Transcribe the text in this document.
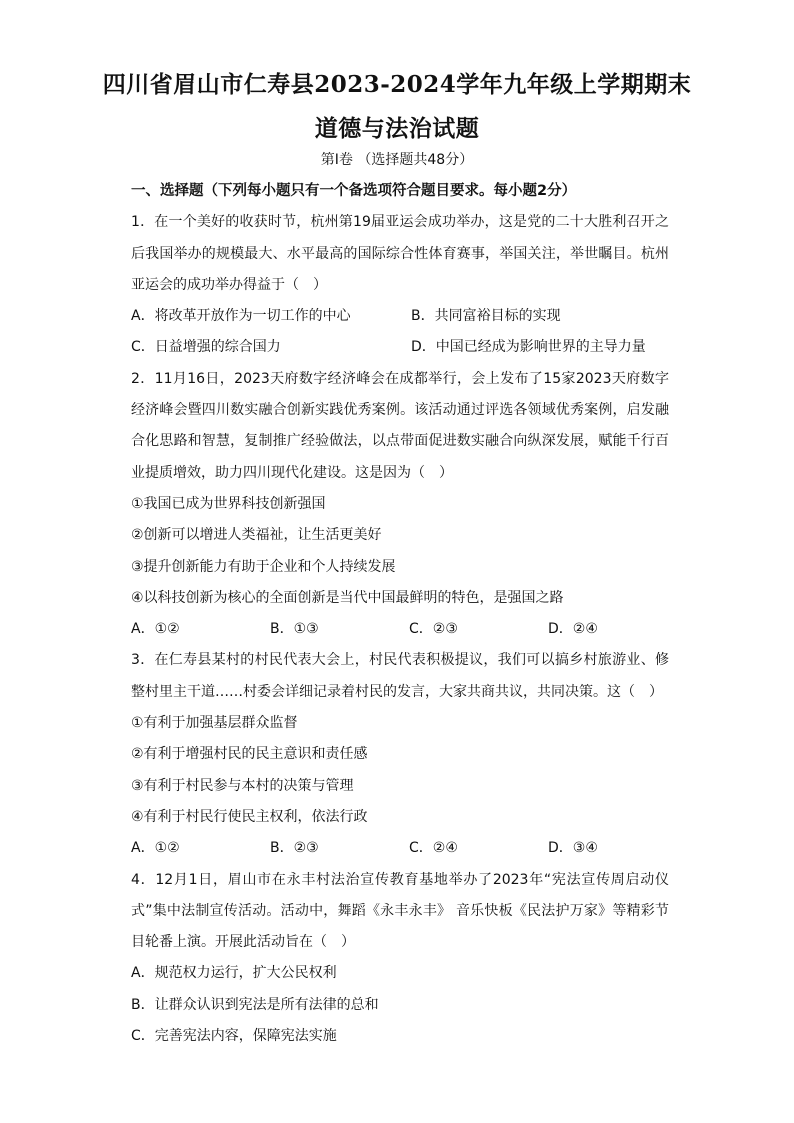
四川省眉山市仁寿县2023-2024学年九年级上学期期末
道德与法治试题
第Ⅰ卷 （选择题共48分）
一、选择题（下列每小题只有一个备选项符合题目要求。每小题2分）
1．在一个美好的收获时节，杭州第19届亚运会成功举办，这是党的二十大胜利召开之后我国举办的规模最大、水平最高的国际综合性体育赛事，举国关注，举世瞩目。杭州亚运会的成功举办得益于（　）
A．将改革开放作为一切工作的中心	B．共同富裕目标的实现
C．日益增强的综合国力	D．中国已经成为影响世界的主导力量
2．11月16日，2023天府数字经济峰会在成都举行，会上发布了15家2023天府数字经济峰会暨四川数实融合创新实践优秀案例。该活动通过评选各领域优秀案例，启发融合化思路和智慧，复制推广经验做法，以点带面促进数实融合向纵深发展，赋能千行百业提质增效，助力四川现代化建设。这是因为（　）
①我国已成为世界科技创新强国
②创新可以增进人类福祉，让生活更美好
③提升创新能力有助于企业和个人持续发展
④以科技创新为核心的全面创新是当代中国最鲜明的特色，是强国之路
A．①②	B．①③	C．②③	D．②④
3．在仁寿县某村的村民代表大会上，村民代表积极提议，我们可以搞乡村旅游业、修整村里主干道……村委会详细记录着村民的发言，大家共商共议，共同决策。这（　）
①有利于加强基层群众监督
②有利于增强村民的民主意识和责任感
③有利于村民参与本村的决策与管理
④有利于村民行使民主权利，依法行政
A．①②	B．②③	C．②④	D．③④
4．12月1日，眉山市在永丰村法治宣传教育基地举办了2023年“宪法宣传周启动仪式”集中法制宣传活动。活动中，舞蹈《永丰永丰》 音乐快板《民法护万家》等精彩节目轮番上演。开展此活动旨在（　）
A．规范权力运行，扩大公民权利
B．让群众认识到宪法是所有法律的总和
C．完善宪法内容，保障宪法实施
